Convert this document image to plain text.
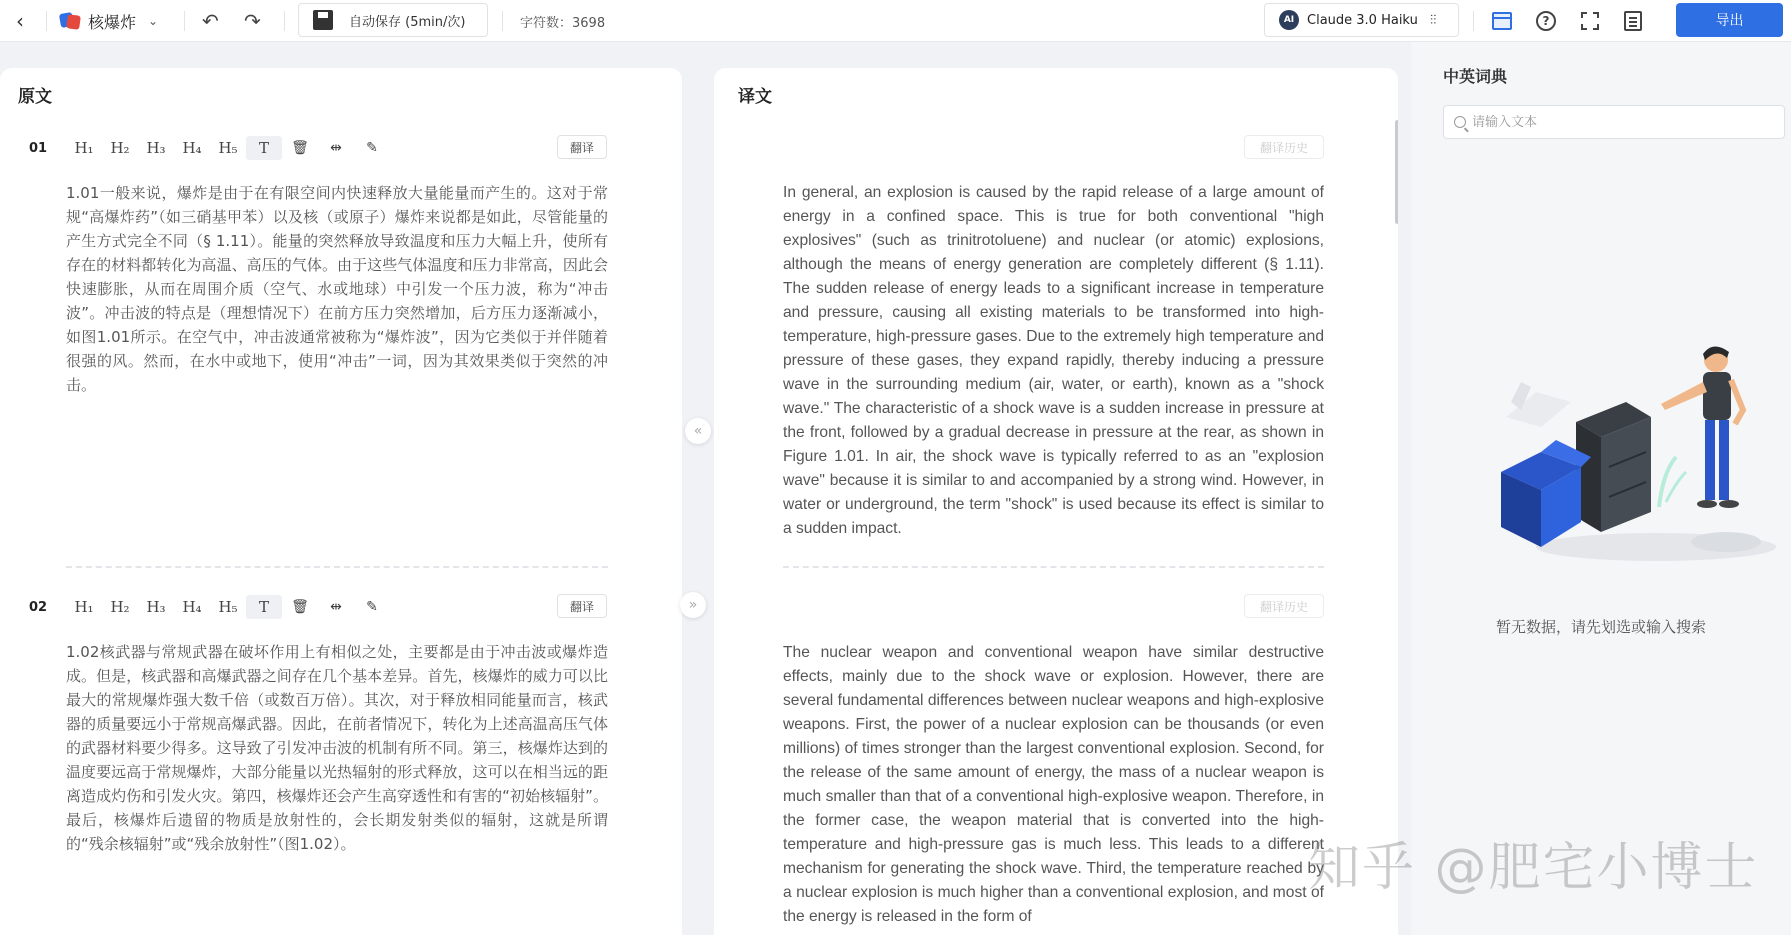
‹	核爆炸 ⌄ ↶ ↷	自动保存 (5min/次)	字符数：3698	AI Claude 3.0 Haiku ⫶⫶	?	导出
原文
01	H₁	H₂	H₃	H₄	H₅	T	🗑	⇹	✎	翻译
1.01一般来说，爆炸是由于在有限空间内快速释放大量能量而产生的。这对于常规“高爆炸药”（如三硝基甲苯）以及核（或原子）爆炸来说都是如此，尽管能量的产生方式完全不同（§ 1.11）。能量的突然释放导致温度和压力大幅上升，使所有存在的材料都转化为高温、高压的气体。由于这些气体温度和压力非常高，因此会快速膨胀，从而在周围介质（空气、水或地球）中引发一个压力波，称为“冲击波”。冲击波的特点是（理想情况下）在前方压力突然增加，后方压力逐渐减小，如图1.01所示。在空气中，冲击波通常被称为“爆炸波”，因为它类似于并伴随着很强的风。然而，在水中或地下，使用“冲击”一词，因为其效果类似于突然的冲击。
02	H₁	H₂	H₃	H₄	H₅	T	🗑	⇹	✎	翻译
1.02核武器与常规武器在破坏作用上有相似之处，主要都是由于冲击波或爆炸造成。但是，核武器和高爆武器之间存在几个基本差异。首先，核爆炸的威力可以比最大的常规爆炸强大数千倍（或数百万倍）。其次，对于释放相同能量而言，核武器的质量要远小于常规高爆武器。因此，在前者情况下，转化为上述高温高压气体的武器材料要少得多。这导致了引发冲击波的机制有所不同。第三，核爆炸达到的温度要远高于常规爆炸，大部分能量以光热辐射的形式释放，这可以在相当远的距离造成灼伤和引发火灾。第四，核爆炸还会产生高穿透性和有害的“初始核辐射”。最后，核爆炸后遗留的物质是放射性的，会长期发射类似的辐射，这就是所谓的“残余核辐射”或“残余放射性”（图1.02）。
«
»
译文
翻译历史
In general, an explosion is caused by the rapid release of a large amount of energy in a confined space. This is true for both conventional "high explosives" (such as trinitrotoluene) and nuclear (or atomic) explosions, although the means of energy generation are completely different (§ 1.11). The sudden release of energy leads to a significant increase in temperature and pressure, causing all existing materials to be transformed into high-temperature, high-pressure gases. Due to the extremely high temperature and pressure of these gases, they expand rapidly, thereby inducing a pressure wave in the surrounding medium (air, water, or earth), known as a "shock wave." The characteristic of a shock wave is a sudden increase in pressure at the front, followed by a gradual decrease in pressure at the rear, as shown in Figure 1.01. In air, the shock wave is typically referred to as an "explosion wave" because it is similar to and accompanied by a strong wind. However, in water or underground, the term "shock" is used because its effect is similar to a sudden impact.
翻译历史
The nuclear weapon and conventional weapon have similar destructive effects, mainly due to the shock wave or explosion. However, there are several fundamental differences between nuclear weapons and high-explosive weapons. First, the power of a nuclear explosion can be thousands (or even millions) of times stronger than the largest conventional explosion. Second, for the release of the same amount of energy, the mass of a nuclear weapon is much smaller than that of a conventional high-explosive weapon. Therefore, in the former case, the weapon material that is converted into the high-temperature and high-pressure gas is much less. This leads to a different mechanism for generating the shock wave. Third, the temperature reached by a nuclear explosion is much higher than a conventional explosion, and most of the energy is released in the form of
中英词典
请输入文本
暂无数据，请先划选或输入搜索
知乎 @肥宅小博士
